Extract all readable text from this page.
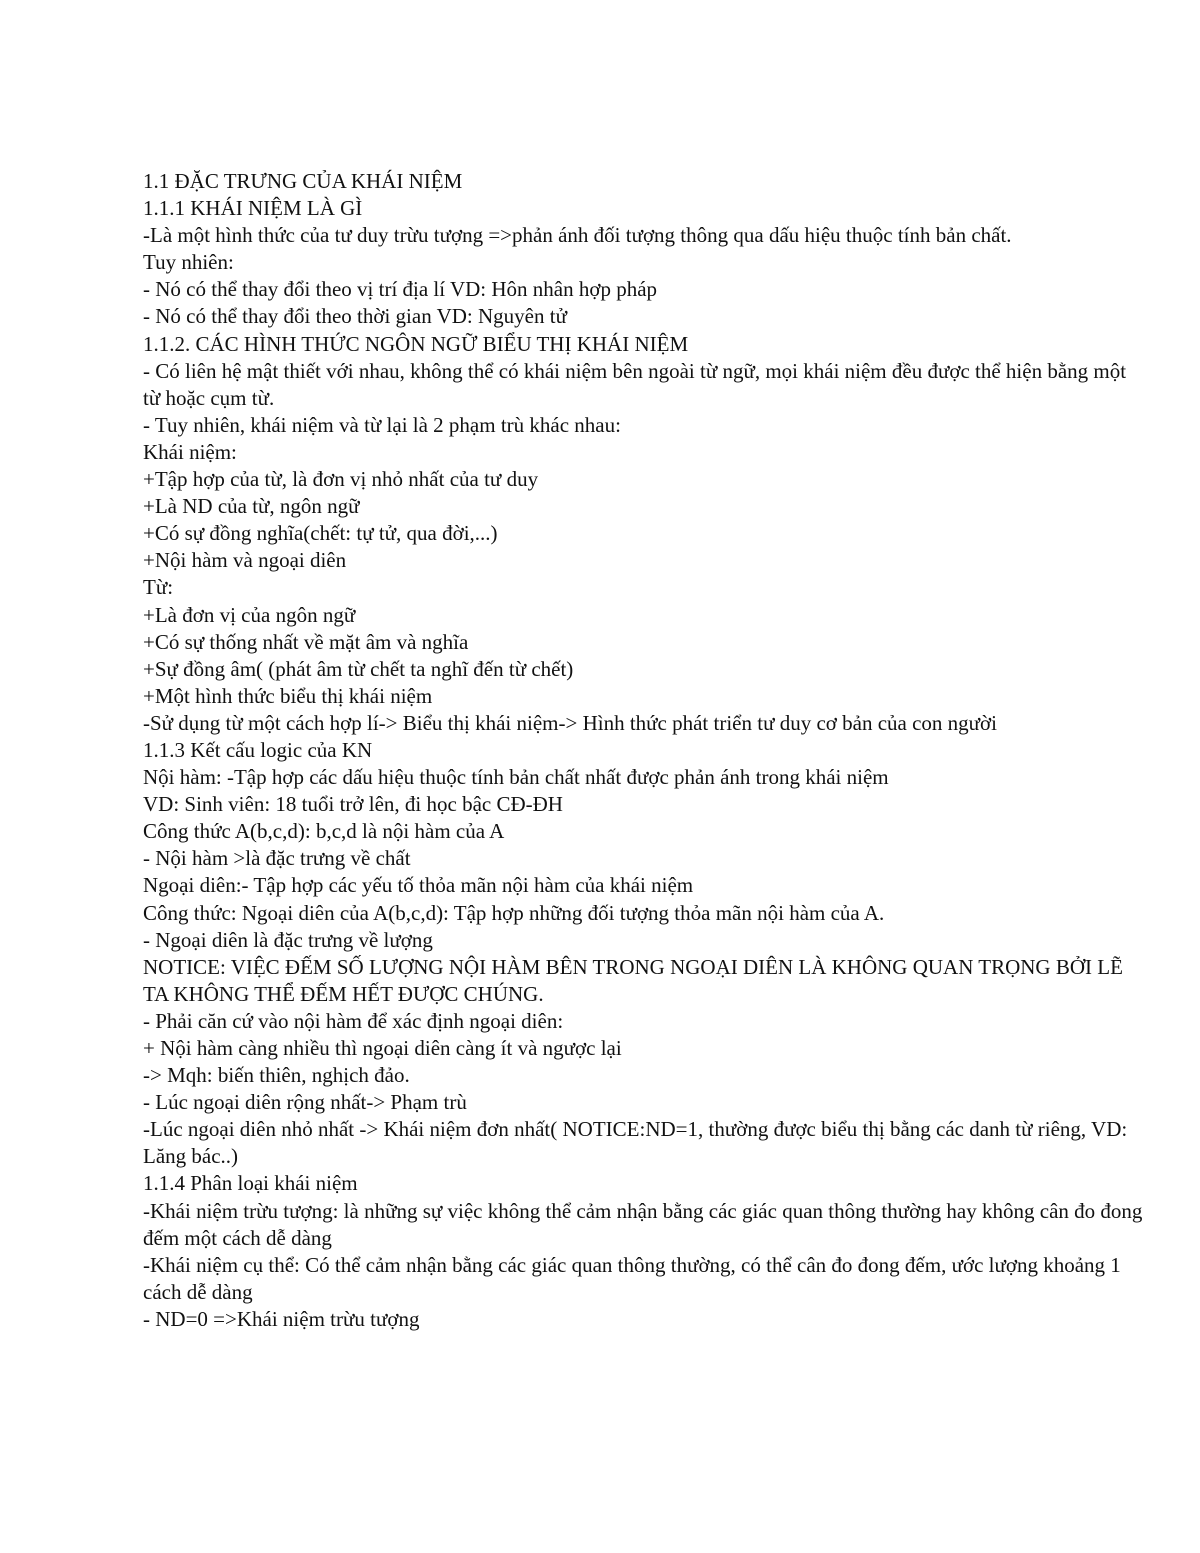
1.1 ĐẶC TRƯNG CỦA KHÁI NIỆM

1.1.1 KHÁI NIỆM LÀ GÌ

-Là một hình thức của tư duy trừu tượng =>phản ánh đối tượng thông qua dấu hiệu thuộc tính bản chất.

Tuy nhiên:

- Nó có thể thay đổi theo vị trí địa lí VD: Hôn nhân hợp pháp

- Nó có thể thay đổi theo thời gian VD: Nguyên tử

1.1.2. CÁC HÌNH THỨC NGÔN NGỮ BIỂU THỊ KHÁI NIỆM

- Có liên hệ mật thiết với nhau, không thể có khái niệm bên ngoài từ ngữ, mọi khái niệm đều được thể hiện bằng một từ hoặc cụm từ.

- Tuy nhiên, khái niệm và từ lại là 2 phạm trù khác nhau:

Khái niệm:

+Tập hợp của từ, là đơn vị nhỏ nhất của tư duy

+Là ND của từ, ngôn ngữ

+Có sự đồng nghĩa(chết: tự tử, qua đời,...)

+Nội hàm và ngoại diên

Từ:

+Là đơn vị của ngôn ngữ

+Có sự thống nhất về mặt âm và nghĩa

+Sự đồng âm( (phát âm từ chết ta nghĩ đến từ chết)

+Một hình thức biểu thị khái niệm

-Sử dụng từ một cách hợp lí-> Biểu thị khái niệm-> Hình thức phát triển tư duy cơ bản của con người

1.1.3 Kết cấu logic của KN

Nội hàm: -Tập hợp các dấu hiệu thuộc tính bản chất nhất được phản ánh trong khái niệm

VD: Sinh viên: 18 tuổi trở lên, đi học bậc CĐ-ĐH

Công thức A(b,c,d): b,c,d là nội hàm của A

- Nội hàm >là đặc trưng về chất

Ngoại diên:- Tập hợp các yếu tố thỏa mãn nội hàm của khái niệm

Công thức: Ngoại diên của A(b,c,d): Tập hợp những đối tượng thỏa mãn nội hàm của A.

- Ngoại diên là đặc trưng về lượng

NOTICE: VIỆC ĐẾM SỐ LƯỢNG NỘI HÀM BÊN TRONG NGOẠI DIÊN LÀ KHÔNG QUAN TRỌNG BỞI LẼ TA KHÔNG THỂ ĐẾM HẾT ĐƯỢC CHÚNG.

- Phải căn cứ vào nội hàm để xác định ngoại diên:

+ Nội hàm càng nhiều thì ngoại diên càng ít và ngược lại

-> Mqh: biến thiên, nghịch đảo.

- Lúc ngoại diên rộng nhất-> Phạm trù

-Lúc ngoại diên nhỏ nhất -> Khái niệm đơn nhất( NOTICE:ND=1, thường được biểu thị bằng các danh từ riêng, VD: Lăng bác..)

1.1.4 Phân loại khái niệm

-Khái niệm trừu tượng: là những sự việc không thể cảm nhận bằng các giác quan thông thường hay không cân đo đong đếm một cách dễ dàng

-Khái niệm cụ thể: Có thể cảm nhận bằng các giác quan thông thường, có thể cân đo đong đếm, ước lượng khoảng 1 cách dễ dàng

- ND=0 =>Khái niệm trừu tượng
